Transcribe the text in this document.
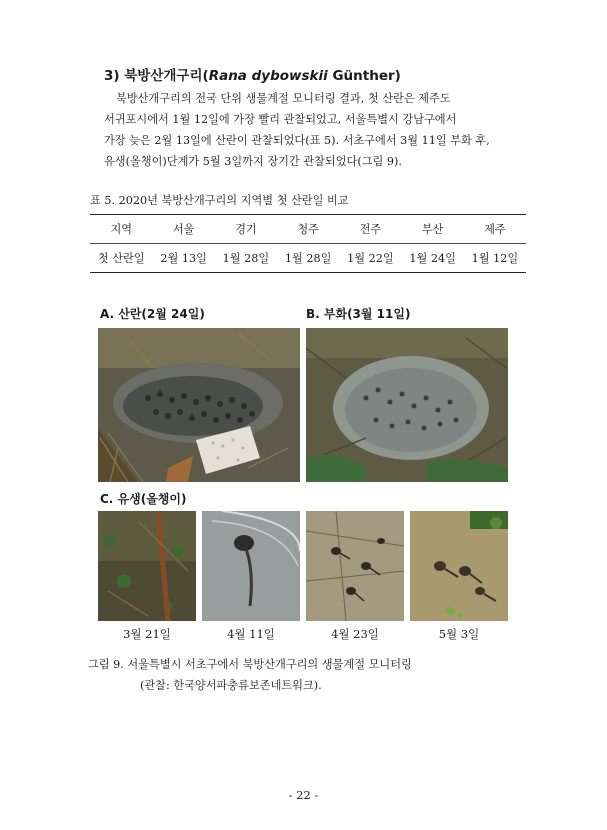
3) 북방산개구리(Rana dybowskii Günther)

북방산개구리의 전국 단위 생물계절 모니터링 결과, 첫 산란은 제주도

서귀포시에서 1월 12일에 가장 빨리 관찰되었고, 서울특별시 강남구에서

가장 늦은 2월 13일에 산란이 관찰되었다(표 5). 서초구에서 3월 11일 부화 후,

유생(올챙이)단계가 5월 3일까지 장기간 관찰되었다(그림 9).

표 5. 2020년 북방산개구리의 지역별 첫 산란일 비교
지역	서울	경기	청주	전주	부산	제주
첫 산란일	2월 13일	1월 28일	1월 28일	1월 22일	1월 24일	1월 12일
A. 산란(2월 24일)	B. 부화(3월 11일)
C. 유생(올챙이)
3월 21일	4월 11일	4월 23일	5월 3일
그림 9. 서울특별시 서초구에서 북방산개구리의 생물계절 모니터링
(관찰: 한국양서파충류보존네트워크).
- 22 -
